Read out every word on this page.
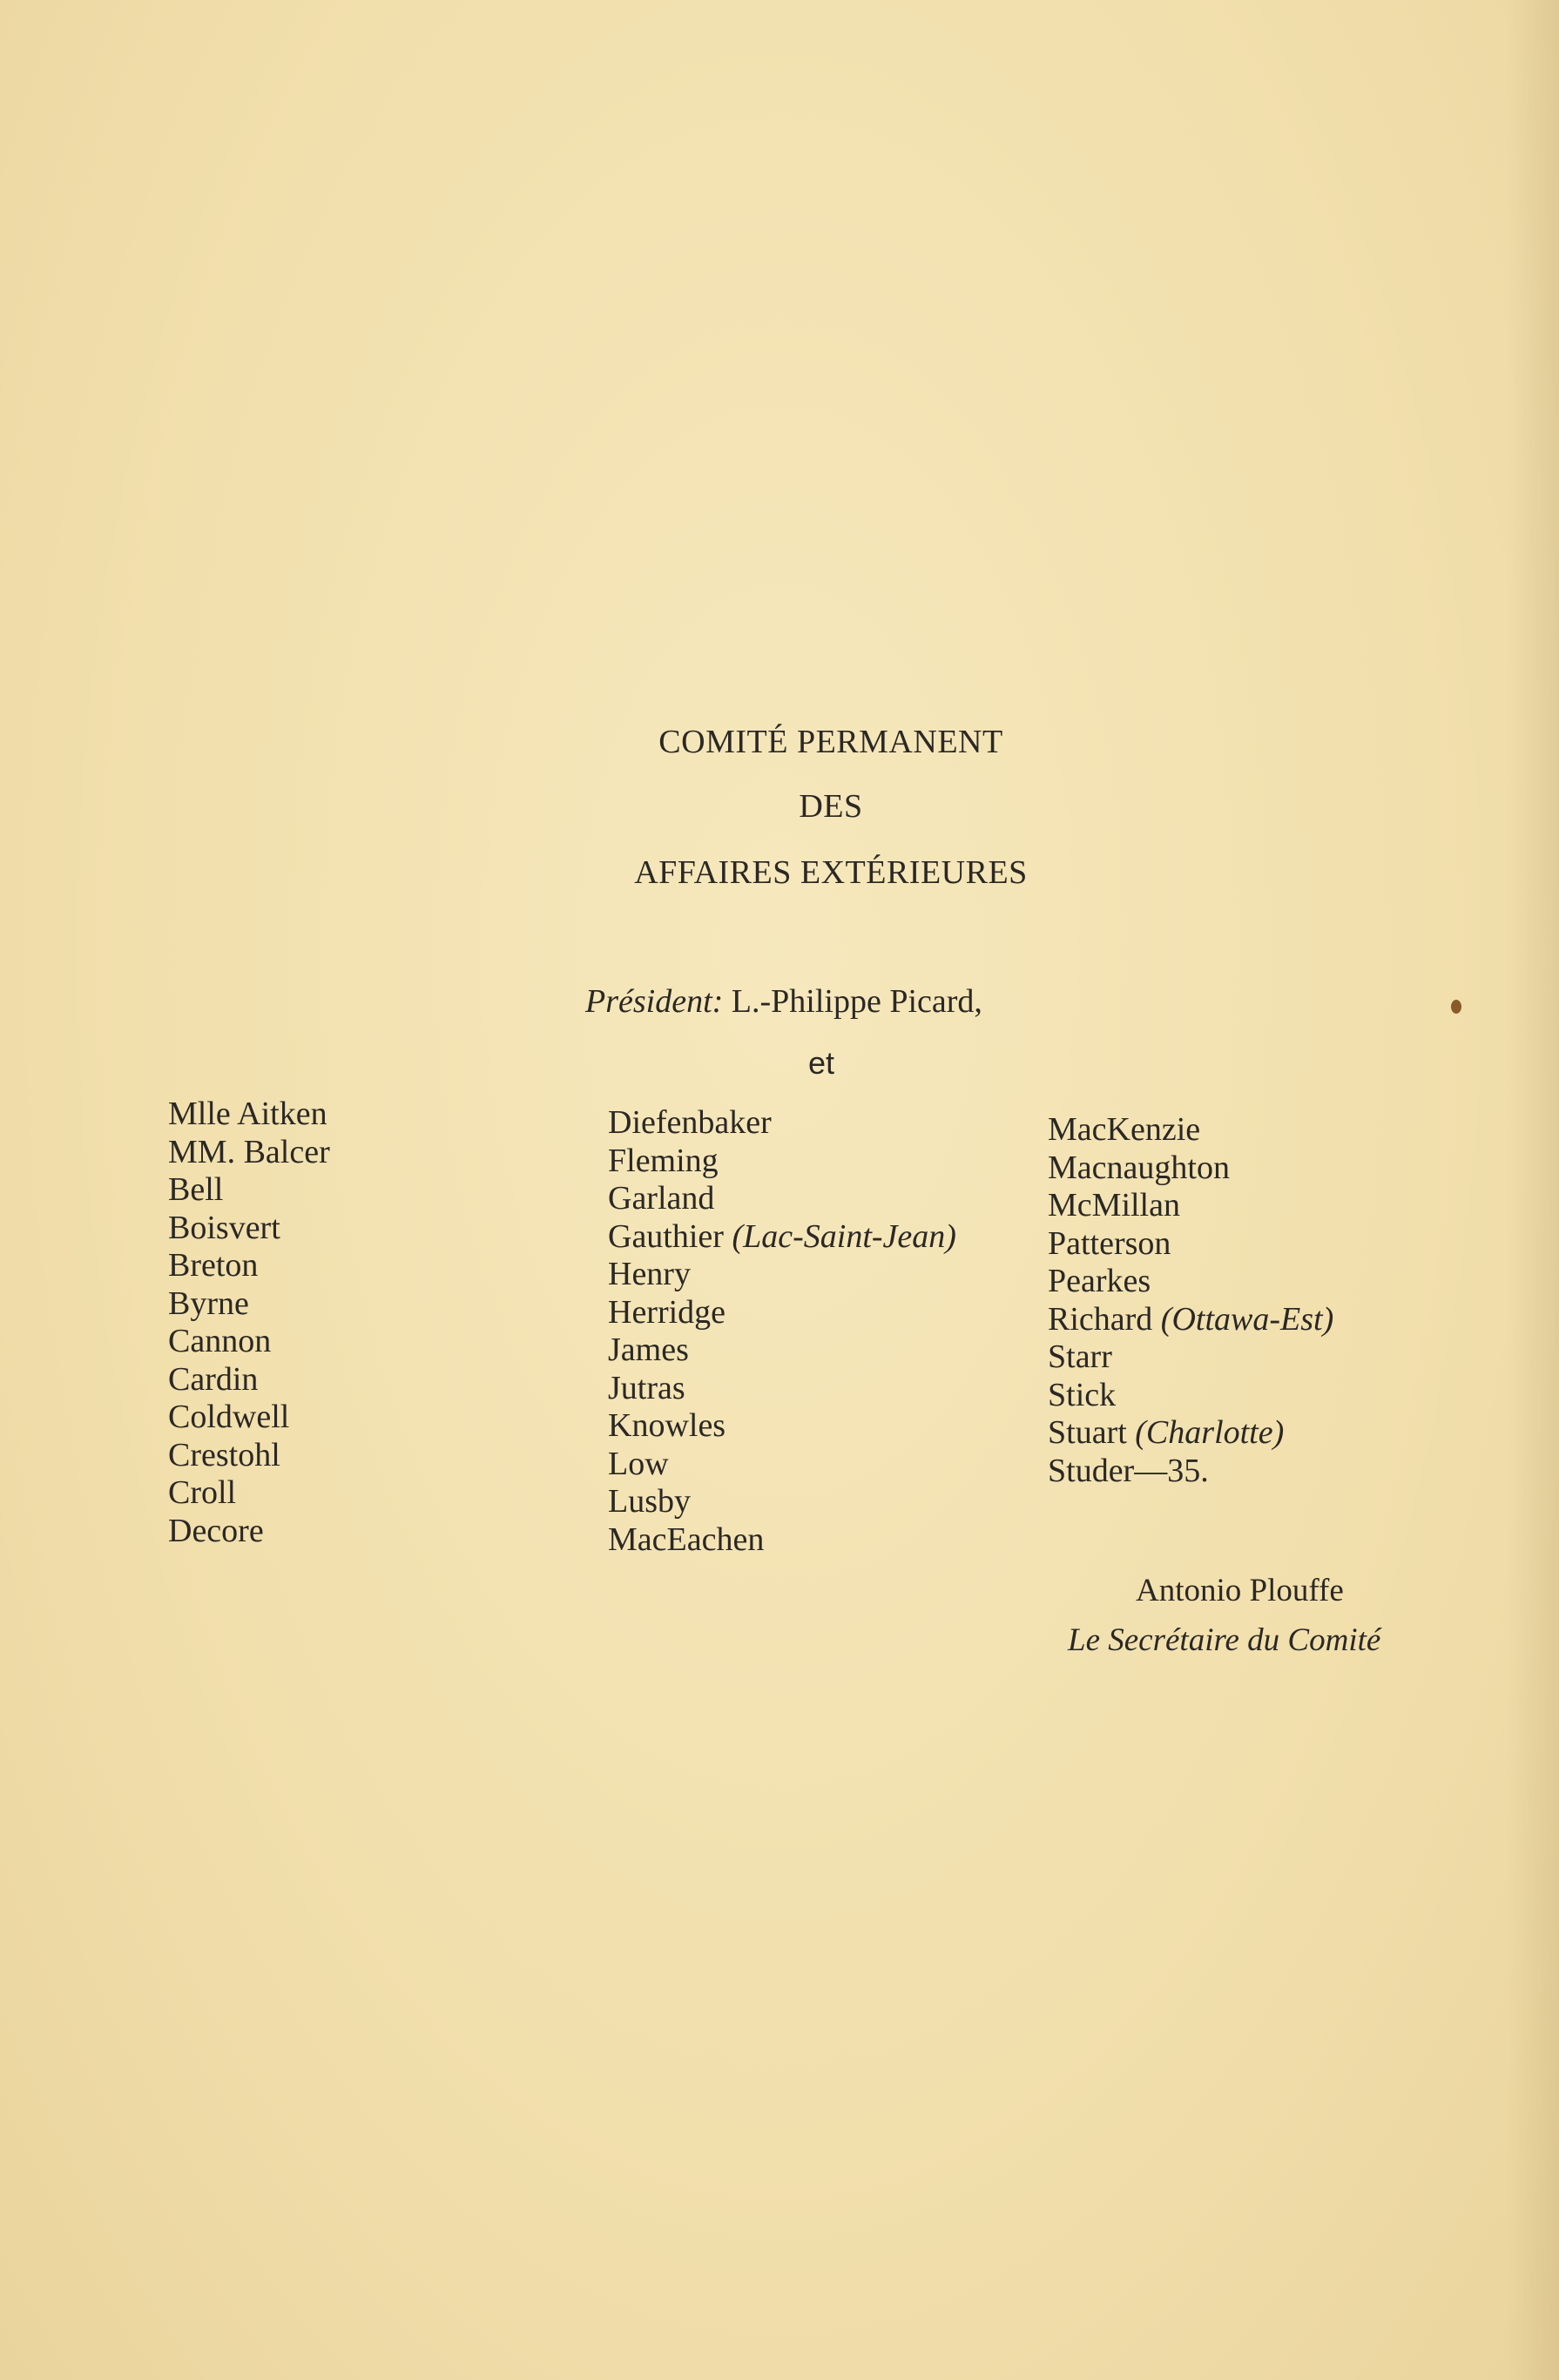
COMITÉ PERMANENT
DES
AFFAIRES EXTÉRIEURES
Président: L.-Philippe Picard,
et
Mlle Aitken
MM. Balcer
Bell
Boisvert
Breton
Byrne
Cannon
Cardin
Coldwell
Crestohl
Croll
Decore
Diefenbaker
Fleming
Garland
Gauthier (Lac-Saint-Jean)
Henry
Herridge
James
Jutras
Knowles
Low
Lusby
MacEachen
MacKenzie
Macnaughton
McMillan
Patterson
Pearkes
Richard (Ottawa-Est)
Starr
Stick
Stuart (Charlotte)
Studer—35.
Antonio Plouffe
Le Secrétaire du Comité
